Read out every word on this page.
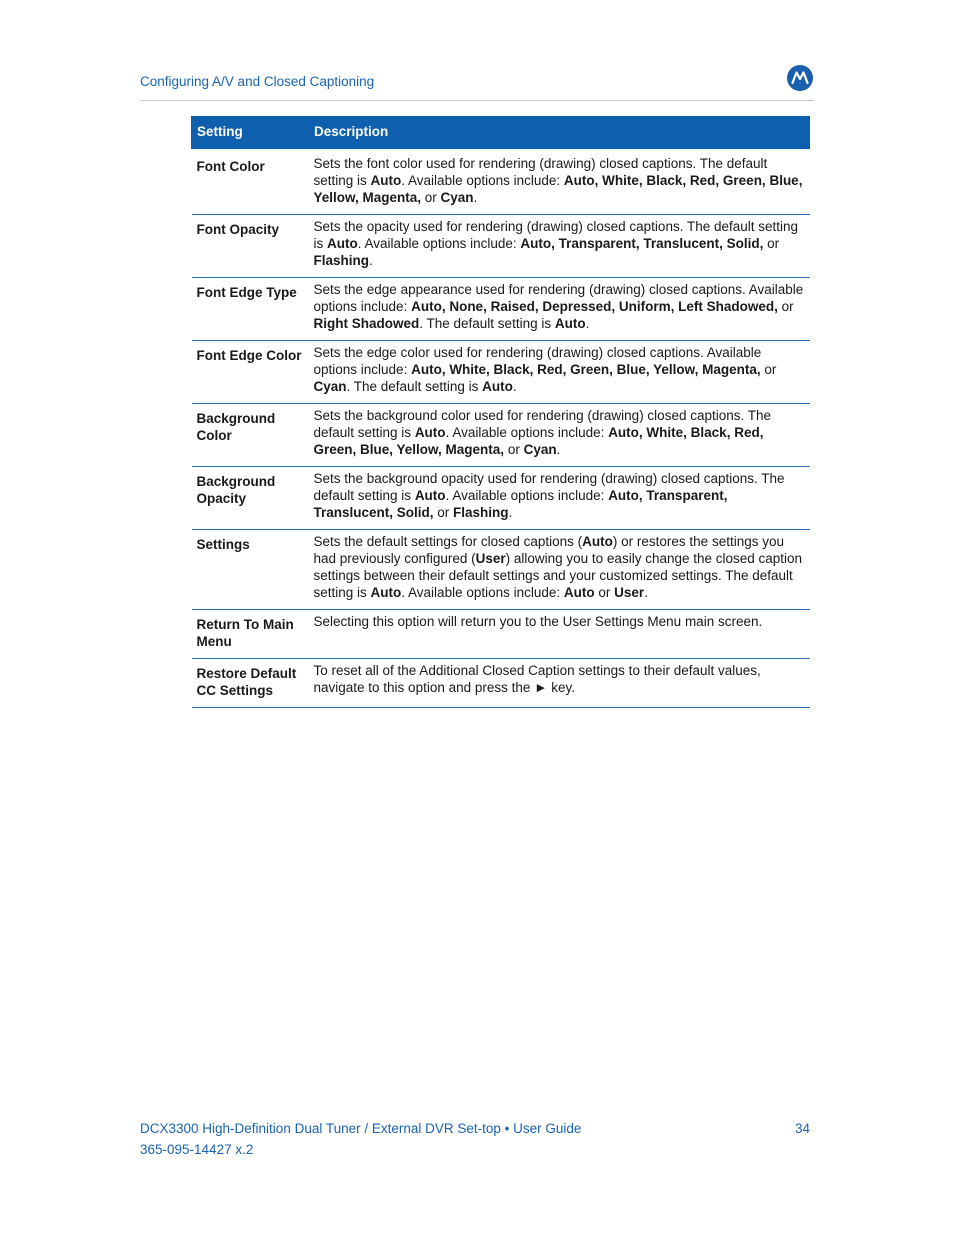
Configuring A/V and Closed Captioning
Setting	Description
Font Color	Sets the font color used for rendering (drawing) closed captions. The default setting is Auto. Available options include: Auto, White, Black, Red, Green, Blue, Yellow, Magenta, or Cyan.
Font Opacity	Sets the opacity used for rendering (drawing) closed captions. The default setting is Auto. Available options include: Auto, Transparent, Translucent, Solid, or Flashing.
Font Edge Type	Sets the edge appearance used for rendering (drawing) closed captions. Available options include: Auto, None, Raised, Depressed, Uniform, Left Shadowed, or Right Shadowed. The default setting is Auto.
Font Edge Color	Sets the edge color used for rendering (drawing) closed captions. Available options include: Auto, White, Black, Red, Green, Blue, Yellow, Magenta, or Cyan. The default setting is Auto.
Background Color	Sets the background color used for rendering (drawing) closed captions. The default setting is Auto. Available options include: Auto, White, Black, Red, Green, Blue, Yellow, Magenta, or Cyan.
Background Opacity	Sets the background opacity used for rendering (drawing) closed captions. The default setting is Auto. Available options include: Auto, Transparent, Translucent, Solid, or Flashing.
Settings	Sets the default settings for closed captions (Auto) or restores the settings you had previously configured (User) allowing you to easily change the closed caption settings between their default settings and your customized settings. The default setting is Auto. Available options include: Auto or User.
Return To Main Menu	Selecting this option will return you to the User Settings Menu main screen.
Restore Default CC Settings	To reset all of the Additional Closed Caption settings to their default values, navigate to this option and press the ► key.
DCX3300 High-Definition Dual Tuner / External DVR Set-top • User Guide
365-095-14427 x.2
34
